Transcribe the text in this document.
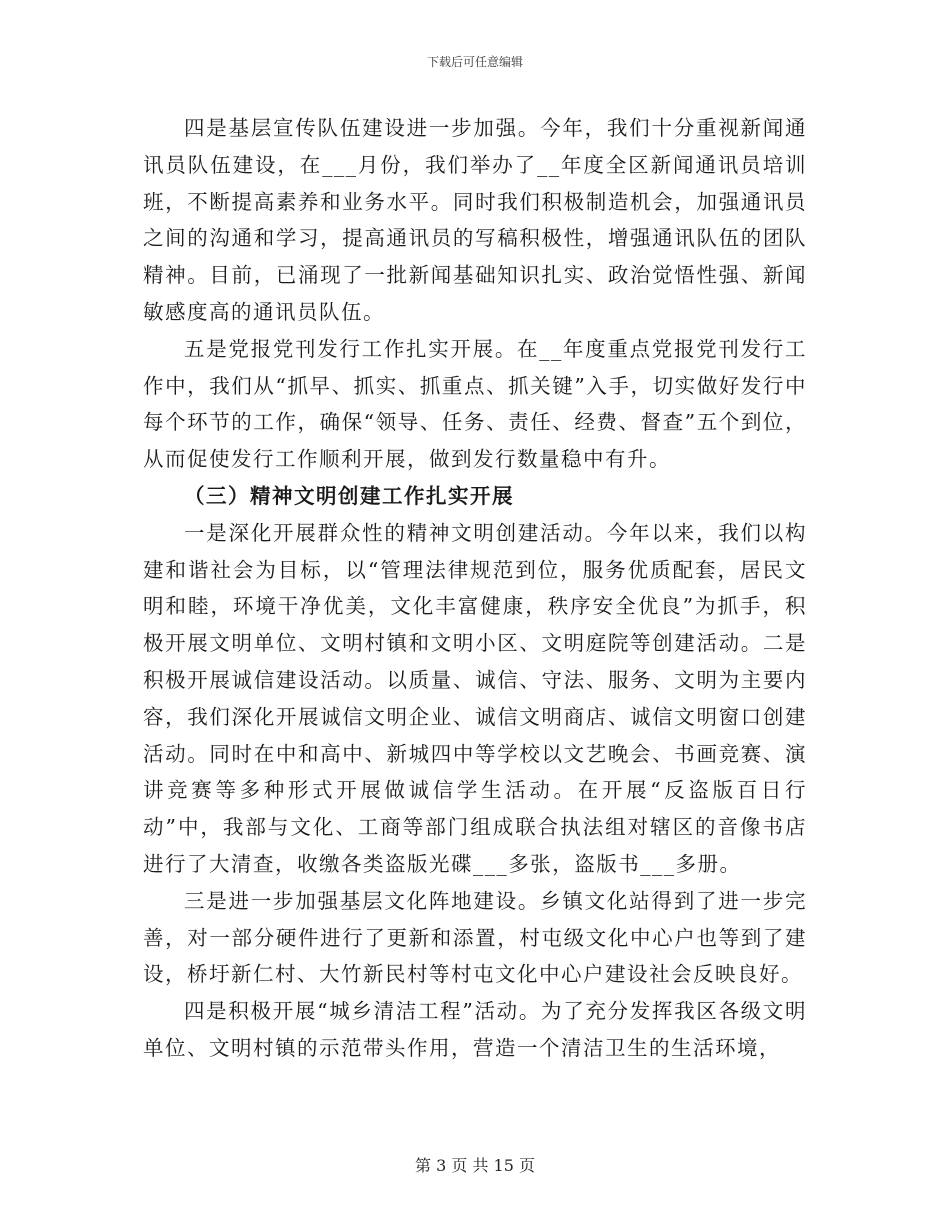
下载后可任意编辑

四是基层宣传队伍建设进一步加强。今年，我们十分重视新闻通讯员队伍建设，在___月份，我们举办了__年度全区新闻通讯员培训班，不断提高素养和业务水平。同时我们积极制造机会，加强通讯员之间的沟通和学习，提高通讯员的写稿积极性，增强通讯队伍的团队精神。目前，已涌现了一批新闻基础知识扎实、政治觉悟性强、新闻敏感度高的通讯员队伍。

五是党报党刊发行工作扎实开展。在__年度重点党报党刊发行工作中，我们从“抓早、抓实、抓重点、抓关键”入手，切实做好发行中每个环节的工作，确保“领导、任务、责任、经费、督查”五个到位，从而促使发行工作顺利开展，做到发行数量稳中有升。

（三）精神文明创建工作扎实开展

一是深化开展群众性的精神文明创建活动。今年以来，我们以构建和谐社会为目标，以“管理法律规范到位，服务优质配套，居民文明和睦，环境干净优美，文化丰富健康，秩序安全优良”为抓手，积极开展文明单位、文明村镇和文明小区、文明庭院等创建活动。二是积极开展诚信建设活动。以质量、诚信、守法、服务、文明为主要内容，我们深化开展诚信文明企业、诚信文明商店、诚信文明窗口创建活动。同时在中和高中、新城四中等学校以文艺晚会、书画竞赛、演讲竞赛等多种形式开展做诚信学生活动。在开展“反盗版百日行动”中，我部与文化、工商等部门组成联合执法组对辖区的音像书店进行了大清查，收缴各类盗版光碟___多张，盗版书___多册。

三是进一步加强基层文化阵地建设。乡镇文化站得到了进一步完善，对一部分硬件进行了更新和添置，村屯级文化中心户也等到了建设，桥圩新仁村、大竹新民村等村屯文化中心户建设社会反映良好。

四是积极开展“城乡清洁工程”活动。为了充分发挥我区各级文明单位、文明村镇的示范带头作用，营造一个清洁卫生的生活环境，

第 3 页 共 15 页
